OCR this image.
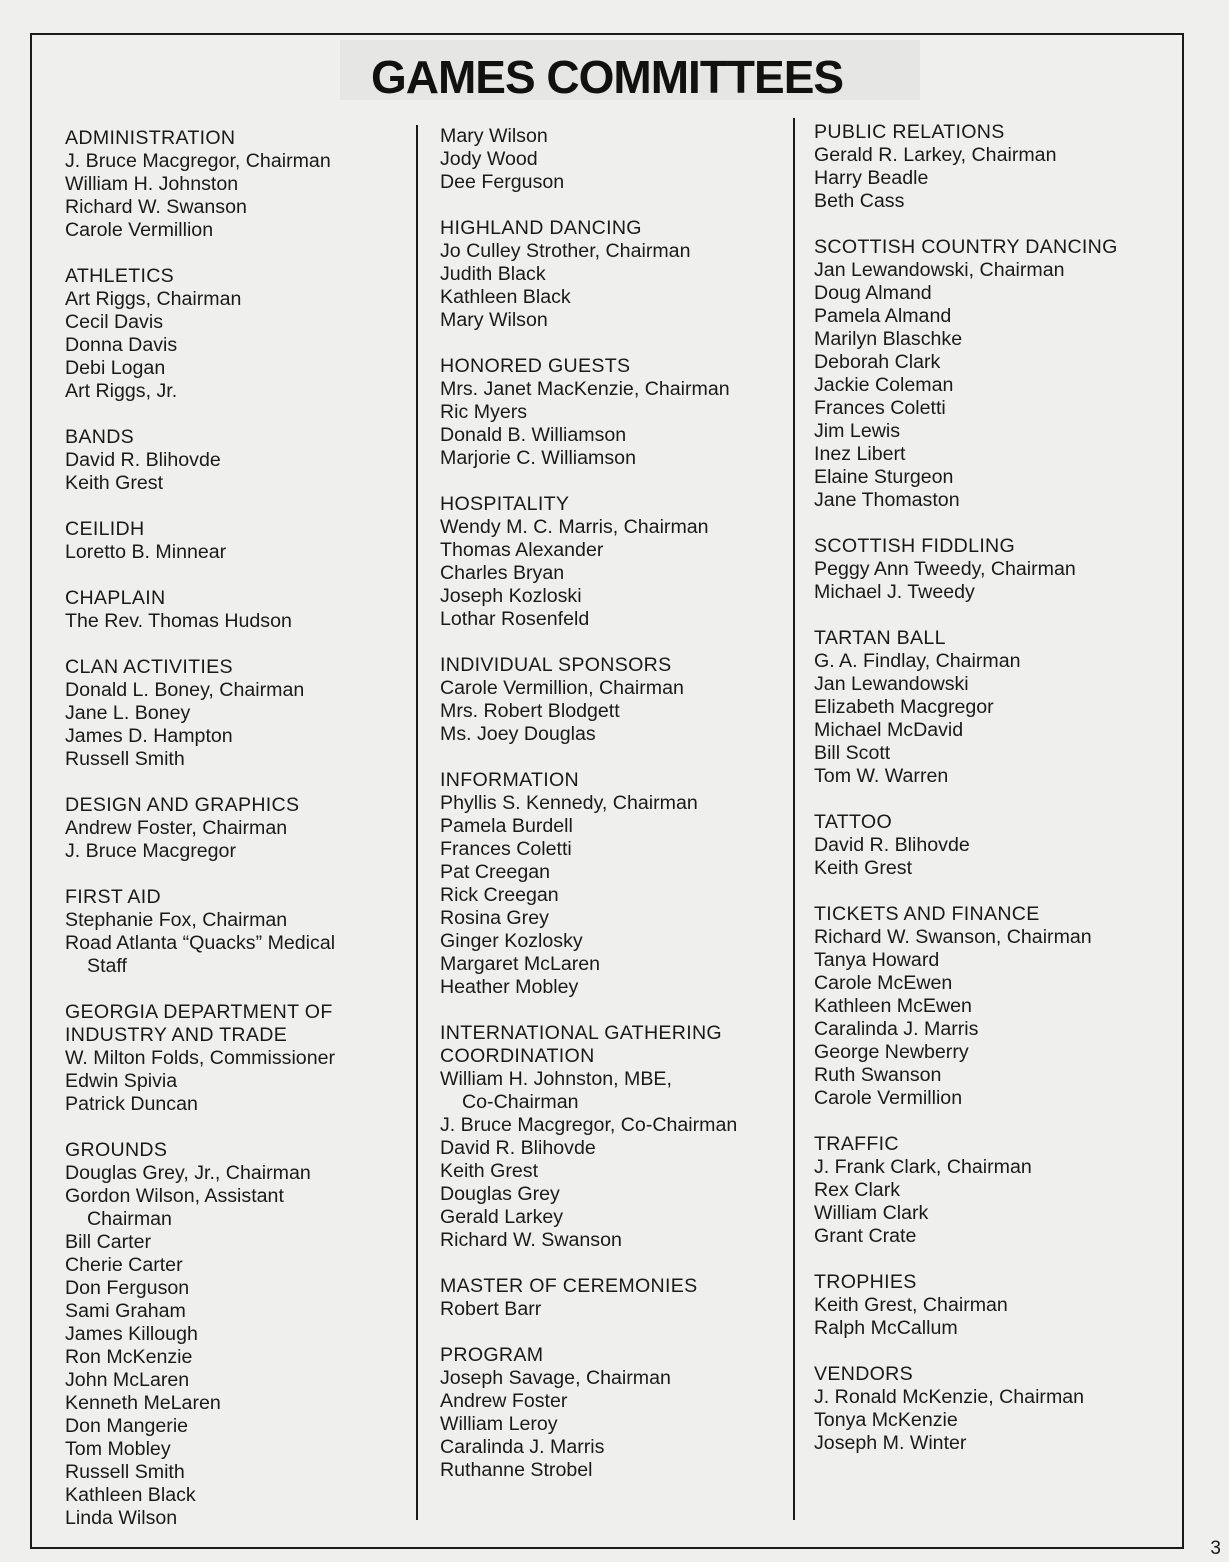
GAMES COMMITTEES
ADMINISTRATION
J. Bruce Macgregor, Chairman
William H. Johnston
Richard W. Swanson
Carole Vermillion
ATHLETICS
Art Riggs, Chairman
Cecil Davis
Donna Davis
Debi Logan
Art Riggs, Jr.
BANDS
David R. Blihovde
Keith Grest
CEILIDH
Loretto B. Minnear
CHAPLAIN
The Rev. Thomas Hudson
CLAN ACTIVITIES
Donald L. Boney, Chairman
Jane L. Boney
James D. Hampton
Russell Smith
DESIGN AND GRAPHICS
Andrew Foster, Chairman
J. Bruce Macgregor
FIRST AID
Stephanie Fox, Chairman
Road Atlanta “Quacks” Medical
Staff
GEORGIA DEPARTMENT OF
INDUSTRY AND TRADE
W. Milton Folds, Commissioner
Edwin Spivia
Patrick Duncan
GROUNDS
Douglas Grey, Jr., Chairman
Gordon Wilson, Assistant
Chairman
Bill Carter
Cherie Carter
Don Ferguson
Sami Graham
James Killough
Ron McKenzie
John McLaren
Kenneth MeLaren
Don Mangerie
Tom Mobley
Russell Smith
Kathleen Black
Linda Wilson
Mary Wilson
Jody Wood
Dee Ferguson
HIGHLAND DANCING
Jo Culley Strother, Chairman
Judith Black
Kathleen Black
Mary Wilson
HONORED GUESTS
Mrs. Janet MacKenzie, Chairman
Ric Myers
Donald B. Williamson
Marjorie C. Williamson
HOSPITALITY
Wendy M. C. Marris, Chairman
Thomas Alexander
Charles Bryan
Joseph Kozloski
Lothar Rosenfeld
INDIVIDUAL SPONSORS
Carole Vermillion, Chairman
Mrs. Robert Blodgett
Ms. Joey Douglas
INFORMATION
Phyllis S. Kennedy, Chairman
Pamela Burdell
Frances Coletti
Pat Creegan
Rick Creegan
Rosina Grey
Ginger Kozlosky
Margaret McLaren
Heather Mobley
INTERNATIONAL GATHERING
COORDINATION
William H. Johnston, MBE,
Co-Chairman
J. Bruce Macgregor, Co-Chairman
David R. Blihovde
Keith Grest
Douglas Grey
Gerald Larkey
Richard W. Swanson
MASTER OF CEREMONIES
Robert Barr
PROGRAM
Joseph Savage, Chairman
Andrew Foster
William Leroy
Caralinda J. Marris
Ruthanne Strobel
PUBLIC RELATIONS
Gerald R. Larkey, Chairman
Harry Beadle
Beth Cass
SCOTTISH COUNTRY DANCING
Jan Lewandowski, Chairman
Doug Almand
Pamela Almand
Marilyn Blaschke
Deborah Clark
Jackie Coleman
Frances Coletti
Jim Lewis
Inez Libert
Elaine Sturgeon
Jane Thomaston
SCOTTISH FIDDLING
Peggy Ann Tweedy, Chairman
Michael J. Tweedy
TARTAN BALL
G. A. Findlay, Chairman
Jan Lewandowski
Elizabeth Macgregor
Michael McDavid
Bill Scott
Tom W. Warren
TATTOO
David R. Blihovde
Keith Grest
TICKETS AND FINANCE
Richard W. Swanson, Chairman
Tanya Howard
Carole McEwen
Kathleen McEwen
Caralinda J. Marris
George Newberry
Ruth Swanson
Carole Vermillion
TRAFFIC
J. Frank Clark, Chairman
Rex Clark
William Clark
Grant Crate
TROPHIES
Keith Grest, Chairman
Ralph McCallum
VENDORS
J. Ronald McKenzie, Chairman
Tonya McKenzie
Joseph M. Winter
3
